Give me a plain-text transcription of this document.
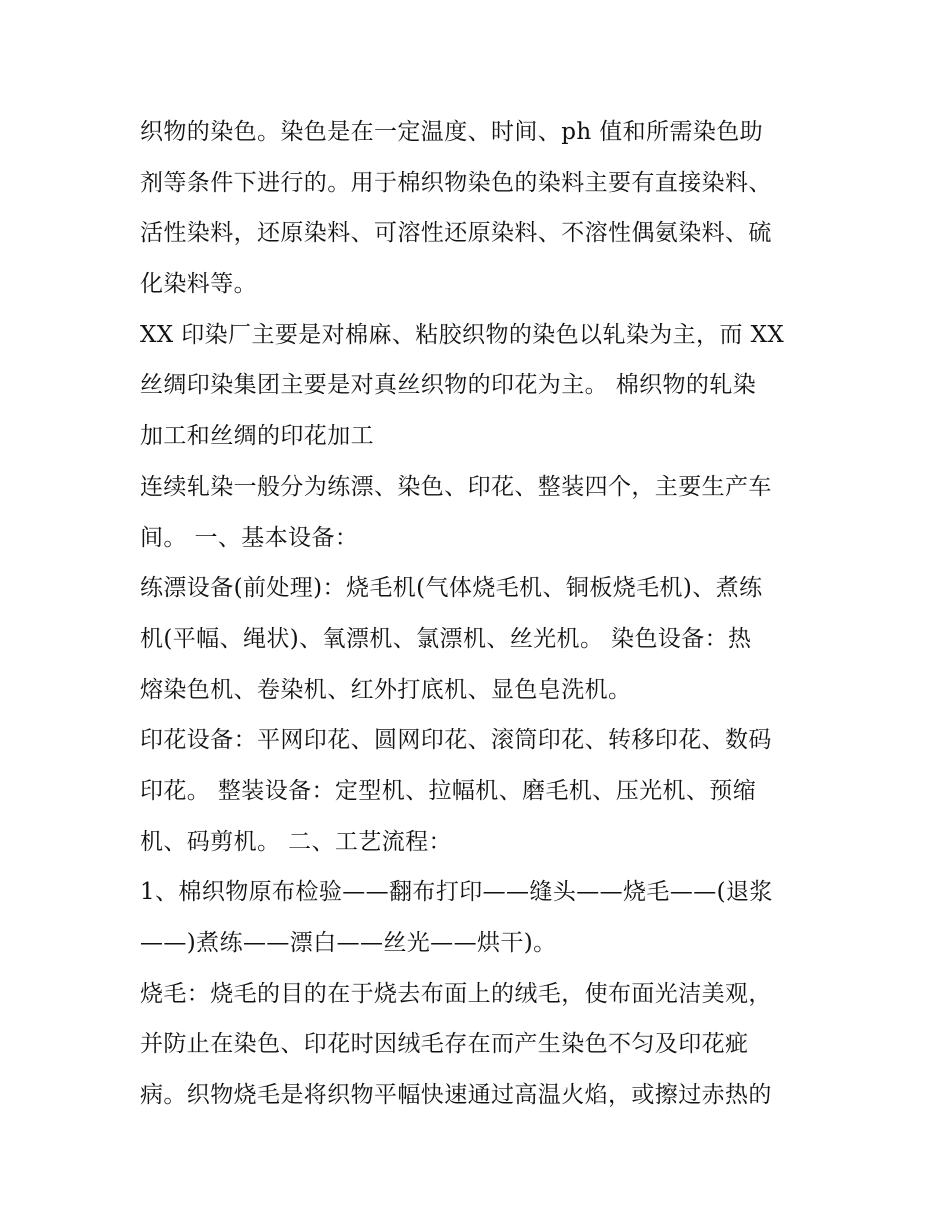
织物的染色。染色是在一定温度、时间、ph 值和所需染色助
剂等条件下进行的。用于棉织物染色的染料主要有直接染料、
活性染料，还原染料、可溶性还原染料、不溶性偶氨染料、硫
化染料等。
XX 印染厂主要是对棉麻、粘胶织物的染色以轧染为主，而 XX
丝绸印染集团主要是对真丝织物的印花为主。 棉织物的轧染
加工和丝绸的印花加工
连续轧染一般分为练漂、染色、印花、整装四个，主要生产车
间。 一、基本设备：
练漂设备(前处理)：烧毛机(气体烧毛机、铜板烧毛机)、煮练
机(平幅、绳状)、氧漂机、氯漂机、丝光机。 染色设备：热
熔染色机、卷染机、红外打底机、显色皂洗机。
印花设备：平网印花、圆网印花、滚筒印花、转移印花、数码
印花。 整装设备：定型机、拉幅机、磨毛机、压光机、预缩
机、码剪机。 二、工艺流程：
1、棉织物原布检验——翻布打印——缝头——烧毛——(退浆
——)煮练——漂白——丝光——烘干)。
烧毛：烧毛的目的在于烧去布面上的绒毛，使布面光洁美观，
并防止在染色、印花时因绒毛存在而产生染色不匀及印花疵
病。织物烧毛是将织物平幅快速通过高温火焰，或擦过赤热的
